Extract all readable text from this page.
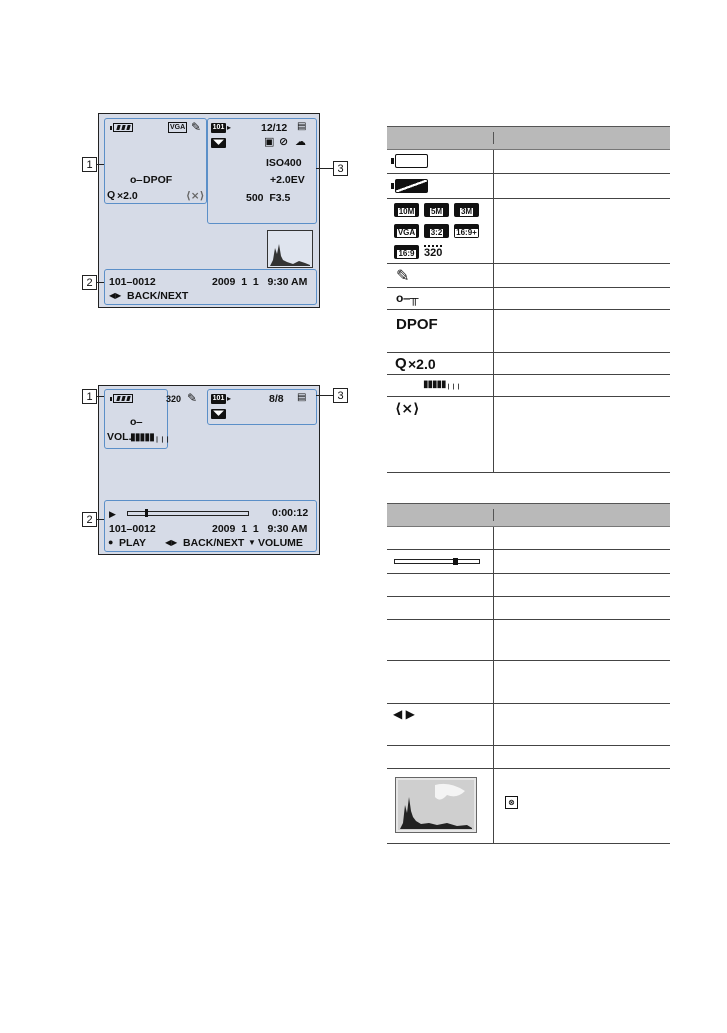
VGA ✎
o‒ DPOF
Q ×2.0	⟨⨯⟩
101 ▸	12/12 ▤
◥◤	▣ ⊘ ☁
ISO400
+2.0EV
500  F3.5
101–0012	2009  1  1   9:30 AM
◀▶ BACK/NEXT
1
2
3
320 ✎
o‒
VOL.
▮▮▮▮▮╷╷╷
101 ▸	8/8 ▤
◥◤
▶	0:00:12
101–0012	2009  1  1   9:30 AM
● PLAY ◀▶ BACK/NEXT ▼ VOLUME
1
2
3
10M	5M	3M
VGA	3:2	16:9+
16:9 320
✎
o‒╥
DPOF
Q ×2.0
▮▮▮▮▮╷╷╷
⟨⨯⟩
◀ ▶
⊗
